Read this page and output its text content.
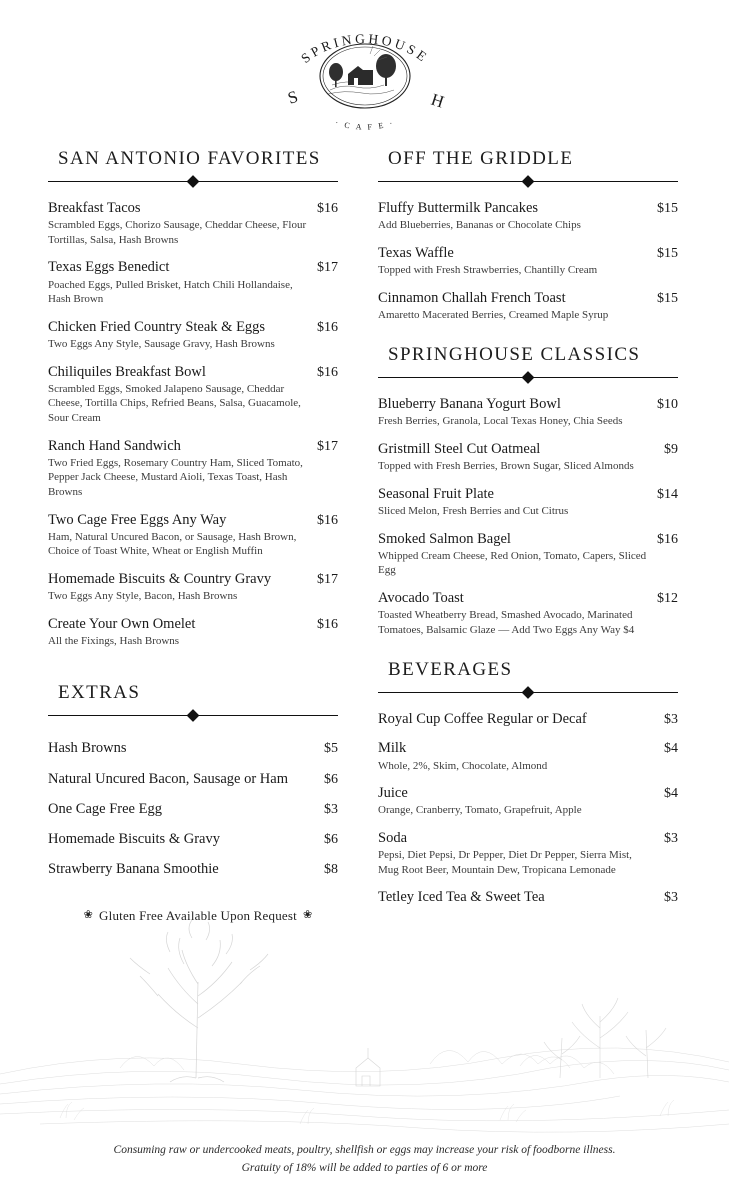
SPRINGHOUSE
· C A F E ·
S	H
SAN ANTONIO FAVORITES
Breakfast Tacos	$16
Scrambled Eggs, Chorizo Sausage, Cheddar Cheese, Flour Tortillas, Salsa, Hash Browns
Texas Eggs Benedict	$17
Poached Eggs, Pulled Brisket, Hatch Chili Hollandaise, Hash Brown
Chicken Fried Country Steak & Eggs	$16
Two Eggs Any Style, Sausage Gravy, Hash Browns
Chiliquiles Breakfast Bowl	$16
Scrambled Eggs, Smoked Jalapeno Sausage, Cheddar Cheese, Tortilla Chips, Refried Beans, Salsa, Guacamole, Sour Cream
Ranch Hand Sandwich	$17
Two Fried Eggs, Rosemary Country Ham, Sliced Tomato, Pepper Jack Cheese, Mustard Aioli, Texas Toast, Hash Browns
Two Cage Free Eggs Any Way	$16
Ham, Natural Uncured Bacon, or Sausage, Hash Brown, Choice of Toast White, Wheat or English Muffin
Homemade Biscuits & Country Gravy	$17
Two Eggs Any Style, Bacon, Hash Browns
Create Your Own Omelet	$16
All the Fixings, Hash Browns
EXTRAS
Hash Browns	$5
Natural Uncured Bacon, Sausage or Ham	$6
One Cage Free Egg	$3
Homemade Biscuits & Gravy	$6
Strawberry Banana Smoothie	$8
OFF THE GRIDDLE
Fluffy Buttermilk Pancakes	$15
Add Blueberries, Bananas or Chocolate Chips
Texas Waffle	$15
Topped with Fresh Strawberries, Chantilly Cream
Cinnamon Challah French Toast	$15
Amaretto Macerated Berries, Creamed Maple Syrup
SPRINGHOUSE CLASSICS
Blueberry Banana Yogurt Bowl	$10
Fresh Berries, Granola, Local Texas Honey, Chia Seeds
Gristmill Steel Cut Oatmeal	$9
Topped with Fresh Berries, Brown Sugar, Sliced Almonds
Seasonal Fruit Plate	$14
Sliced Melon, Fresh Berries and Cut Citrus
Smoked Salmon Bagel	$16
Whipped Cream Cheese, Red Onion, Tomato, Capers, Sliced Egg
Avocado Toast	$12
Toasted Wheatberry Bread, Smashed Avocado, Marinated Tomatoes, Balsamic Glaze — Add Two Eggs Any Way $4
BEVERAGES
Royal Cup Coffee Regular or Decaf	$3
Milk	$4
Whole, 2%, Skim, Chocolate, Almond
Juice	$4
Orange, Cranberry, Tomato, Grapefruit, Apple
Soda	$3
Pepsi, Diet Pepsi, Dr Pepper, Diet Dr Pepper, Sierra Mist, Mug Root Beer, Mountain Dew, Tropicana Lemonade
Tetley Iced Tea & Sweet Tea	$3
❀ Gluten Free Available Upon Request ❀
Consuming raw or undercooked meats, poultry, shellfish or eggs may increase your risk of foodborne illness.
Gratuity of 18% will be added to parties of 6 or more
